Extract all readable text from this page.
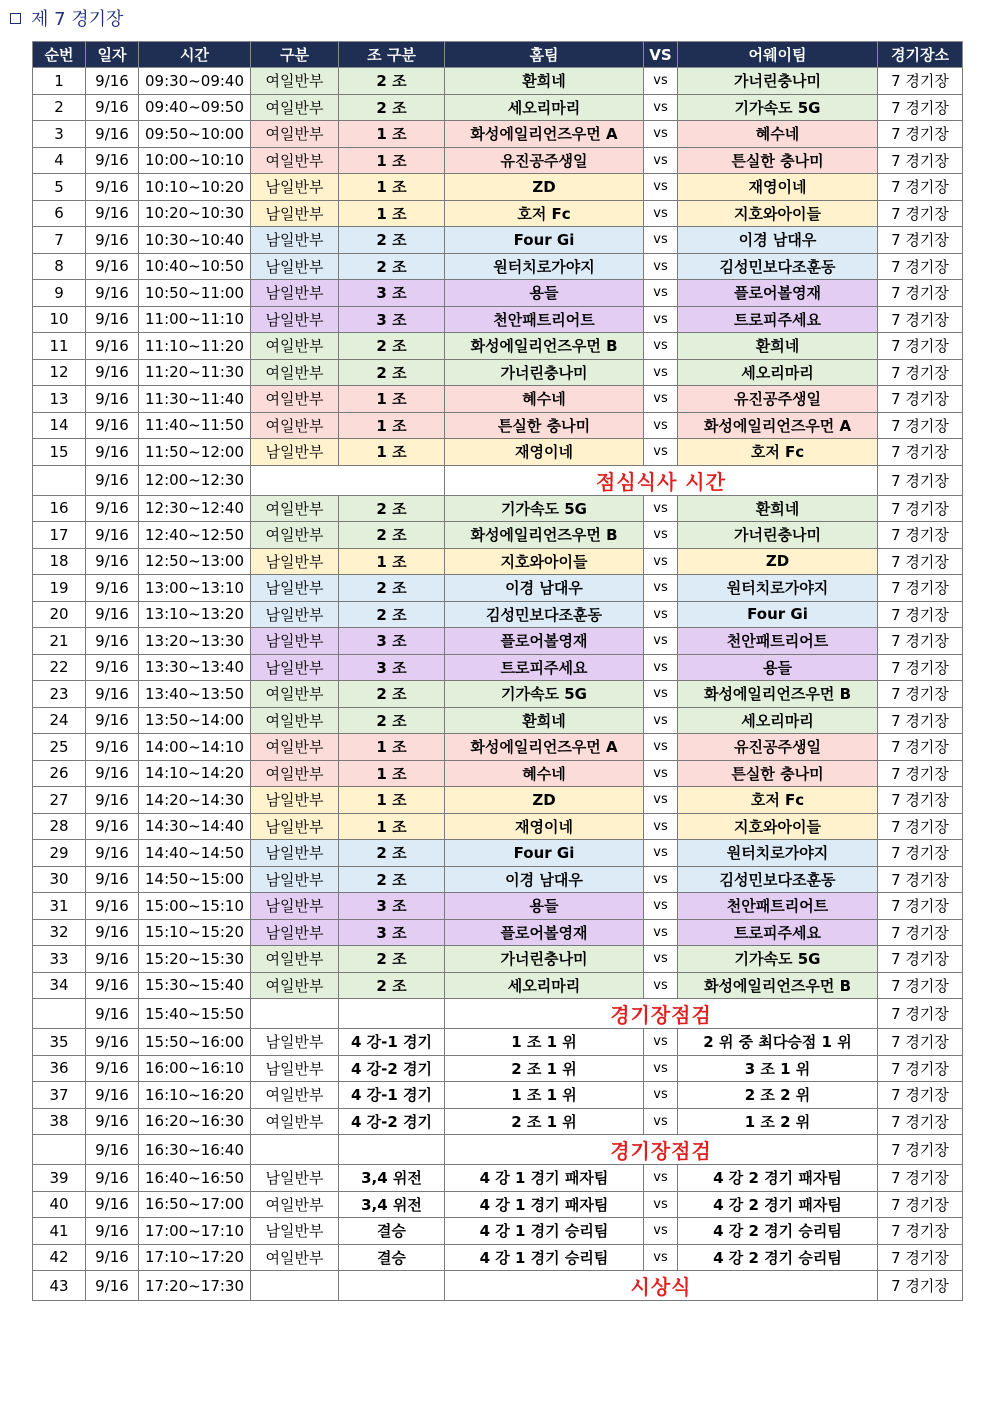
제 7 경기장
순번	일자	시간	구분	조 구분	홈팀	VS	어웨이팀	경기장소
1	9/16	09:30~09:40	여일반부	2 조	환희네	vs	가너린충나미	7 경기장
2	9/16	09:40~09:50	여일반부	2 조	세오리마리	vs	기가속도 5G	7 경기장
3	9/16	09:50~10:00	여일반부	1 조	화성에일리언즈우먼 A	vs	혜수네	7 경기장
4	9/16	10:00~10:10	여일반부	1 조	유진공주생일	vs	튼실한 충나미	7 경기장
5	9/16	10:10~10:20	남일반부	1 조	ZD	vs	재영이네	7 경기장
6	9/16	10:20~10:30	남일반부	1 조	호저 Fc	vs	지호와아이들	7 경기장
7	9/16	10:30~10:40	남일반부	2 조	Four Gi	vs	이경 남대우	7 경기장
8	9/16	10:40~10:50	남일반부	2 조	원터치로가야지	vs	김성민보다조훈동	7 경기장
9	9/16	10:50~11:00	남일반부	3 조	용들	vs	플로어볼영재	7 경기장
10	9/16	11:00~11:10	남일반부	3 조	천안패트리어트	vs	트로피주세요	7 경기장
11	9/16	11:10~11:20	여일반부	2 조	화성에일리언즈우먼 B	vs	환희네	7 경기장
12	9/16	11:20~11:30	여일반부	2 조	가너린충나미	vs	세오리마리	7 경기장
13	9/16	11:30~11:40	여일반부	1 조	혜수네	vs	유진공주생일	7 경기장
14	9/16	11:40~11:50	여일반부	1 조	튼실한 충나미	vs	화성에일리언즈우먼 A	7 경기장
15	9/16	11:50~12:00	남일반부	1 조	재영이네	vs	호저 Fc	7 경기장
	9/16	12:00~12:30			점심식사 시간			7 경기장
16	9/16	12:30~12:40	여일반부	2 조	기가속도 5G	vs	환희네	7 경기장
17	9/16	12:40~12:50	여일반부	2 조	화성에일리언즈우먼 B	vs	가너린충나미	7 경기장
18	9/16	12:50~13:00	남일반부	1 조	지호와아이들	vs	ZD	7 경기장
19	9/16	13:00~13:10	남일반부	2 조	이경 남대우	vs	원터치로가야지	7 경기장
20	9/16	13:10~13:20	남일반부	2 조	김성민보다조훈동	vs	Four Gi	7 경기장
21	9/16	13:20~13:30	남일반부	3 조	플로어볼영재	vs	천안패트리어트	7 경기장
22	9/16	13:30~13:40	남일반부	3 조	트로피주세요	vs	용들	7 경기장
23	9/16	13:40~13:50	여일반부	2 조	기가속도 5G	vs	화성에일리언즈우먼 B	7 경기장
24	9/16	13:50~14:00	여일반부	2 조	환희네	vs	세오리마리	7 경기장
25	9/16	14:00~14:10	여일반부	1 조	화성에일리언즈우먼 A	vs	유진공주생일	7 경기장
26	9/16	14:10~14:20	여일반부	1 조	혜수네	vs	튼실한 충나미	7 경기장
27	9/16	14:20~14:30	남일반부	1 조	ZD	vs	호저 Fc	7 경기장
28	9/16	14:30~14:40	남일반부	1 조	재영이네	vs	지호와아이들	7 경기장
29	9/16	14:40~14:50	남일반부	2 조	Four Gi	vs	원터치로가야지	7 경기장
30	9/16	14:50~15:00	남일반부	2 조	이경 남대우	vs	김성민보다조훈동	7 경기장
31	9/16	15:00~15:10	남일반부	3 조	용들	vs	천안패트리어트	7 경기장
32	9/16	15:10~15:20	남일반부	3 조	플로어볼영재	vs	트로피주세요	7 경기장
33	9/16	15:20~15:30	여일반부	2 조	가너린충나미	vs	기가속도 5G	7 경기장
34	9/16	15:30~15:40	여일반부	2 조	세오리마리	vs	화성에일리언즈우먼 B	7 경기장
	9/16	15:40~15:50			경기장점검			7 경기장
35	9/16	15:50~16:00	남일반부	4 강-1 경기	1 조 1 위	vs	2 위 중 최다승점 1 위	7 경기장
36	9/16	16:00~16:10	남일반부	4 강-2 경기	2 조 1 위	vs	3 조 1 위	7 경기장
37	9/16	16:10~16:20	여일반부	4 강-1 경기	1 조 1 위	vs	2 조 2 위	7 경기장
38	9/16	16:20~16:30	여일반부	4 강-2 경기	2 조 1 위	vs	1 조 2 위	7 경기장
	9/16	16:30~16:40			경기장점검			7 경기장
39	9/16	16:40~16:50	남일반부	3,4 위전	4 강 1 경기 패자팀	vs	4 강 2 경기 패자팀	7 경기장
40	9/16	16:50~17:00	여일반부	3,4 위전	4 강 1 경기 패자팀	vs	4 강 2 경기 패자팀	7 경기장
41	9/16	17:00~17:10	남일반부	결승	4 강 1 경기 승리팀	vs	4 강 2 경기 승리팀	7 경기장
42	9/16	17:10~17:20	여일반부	결승	4 강 1 경기 승리팀	vs	4 강 2 경기 승리팀	7 경기장
43	9/16	17:20~17:30			시상식			7 경기장
